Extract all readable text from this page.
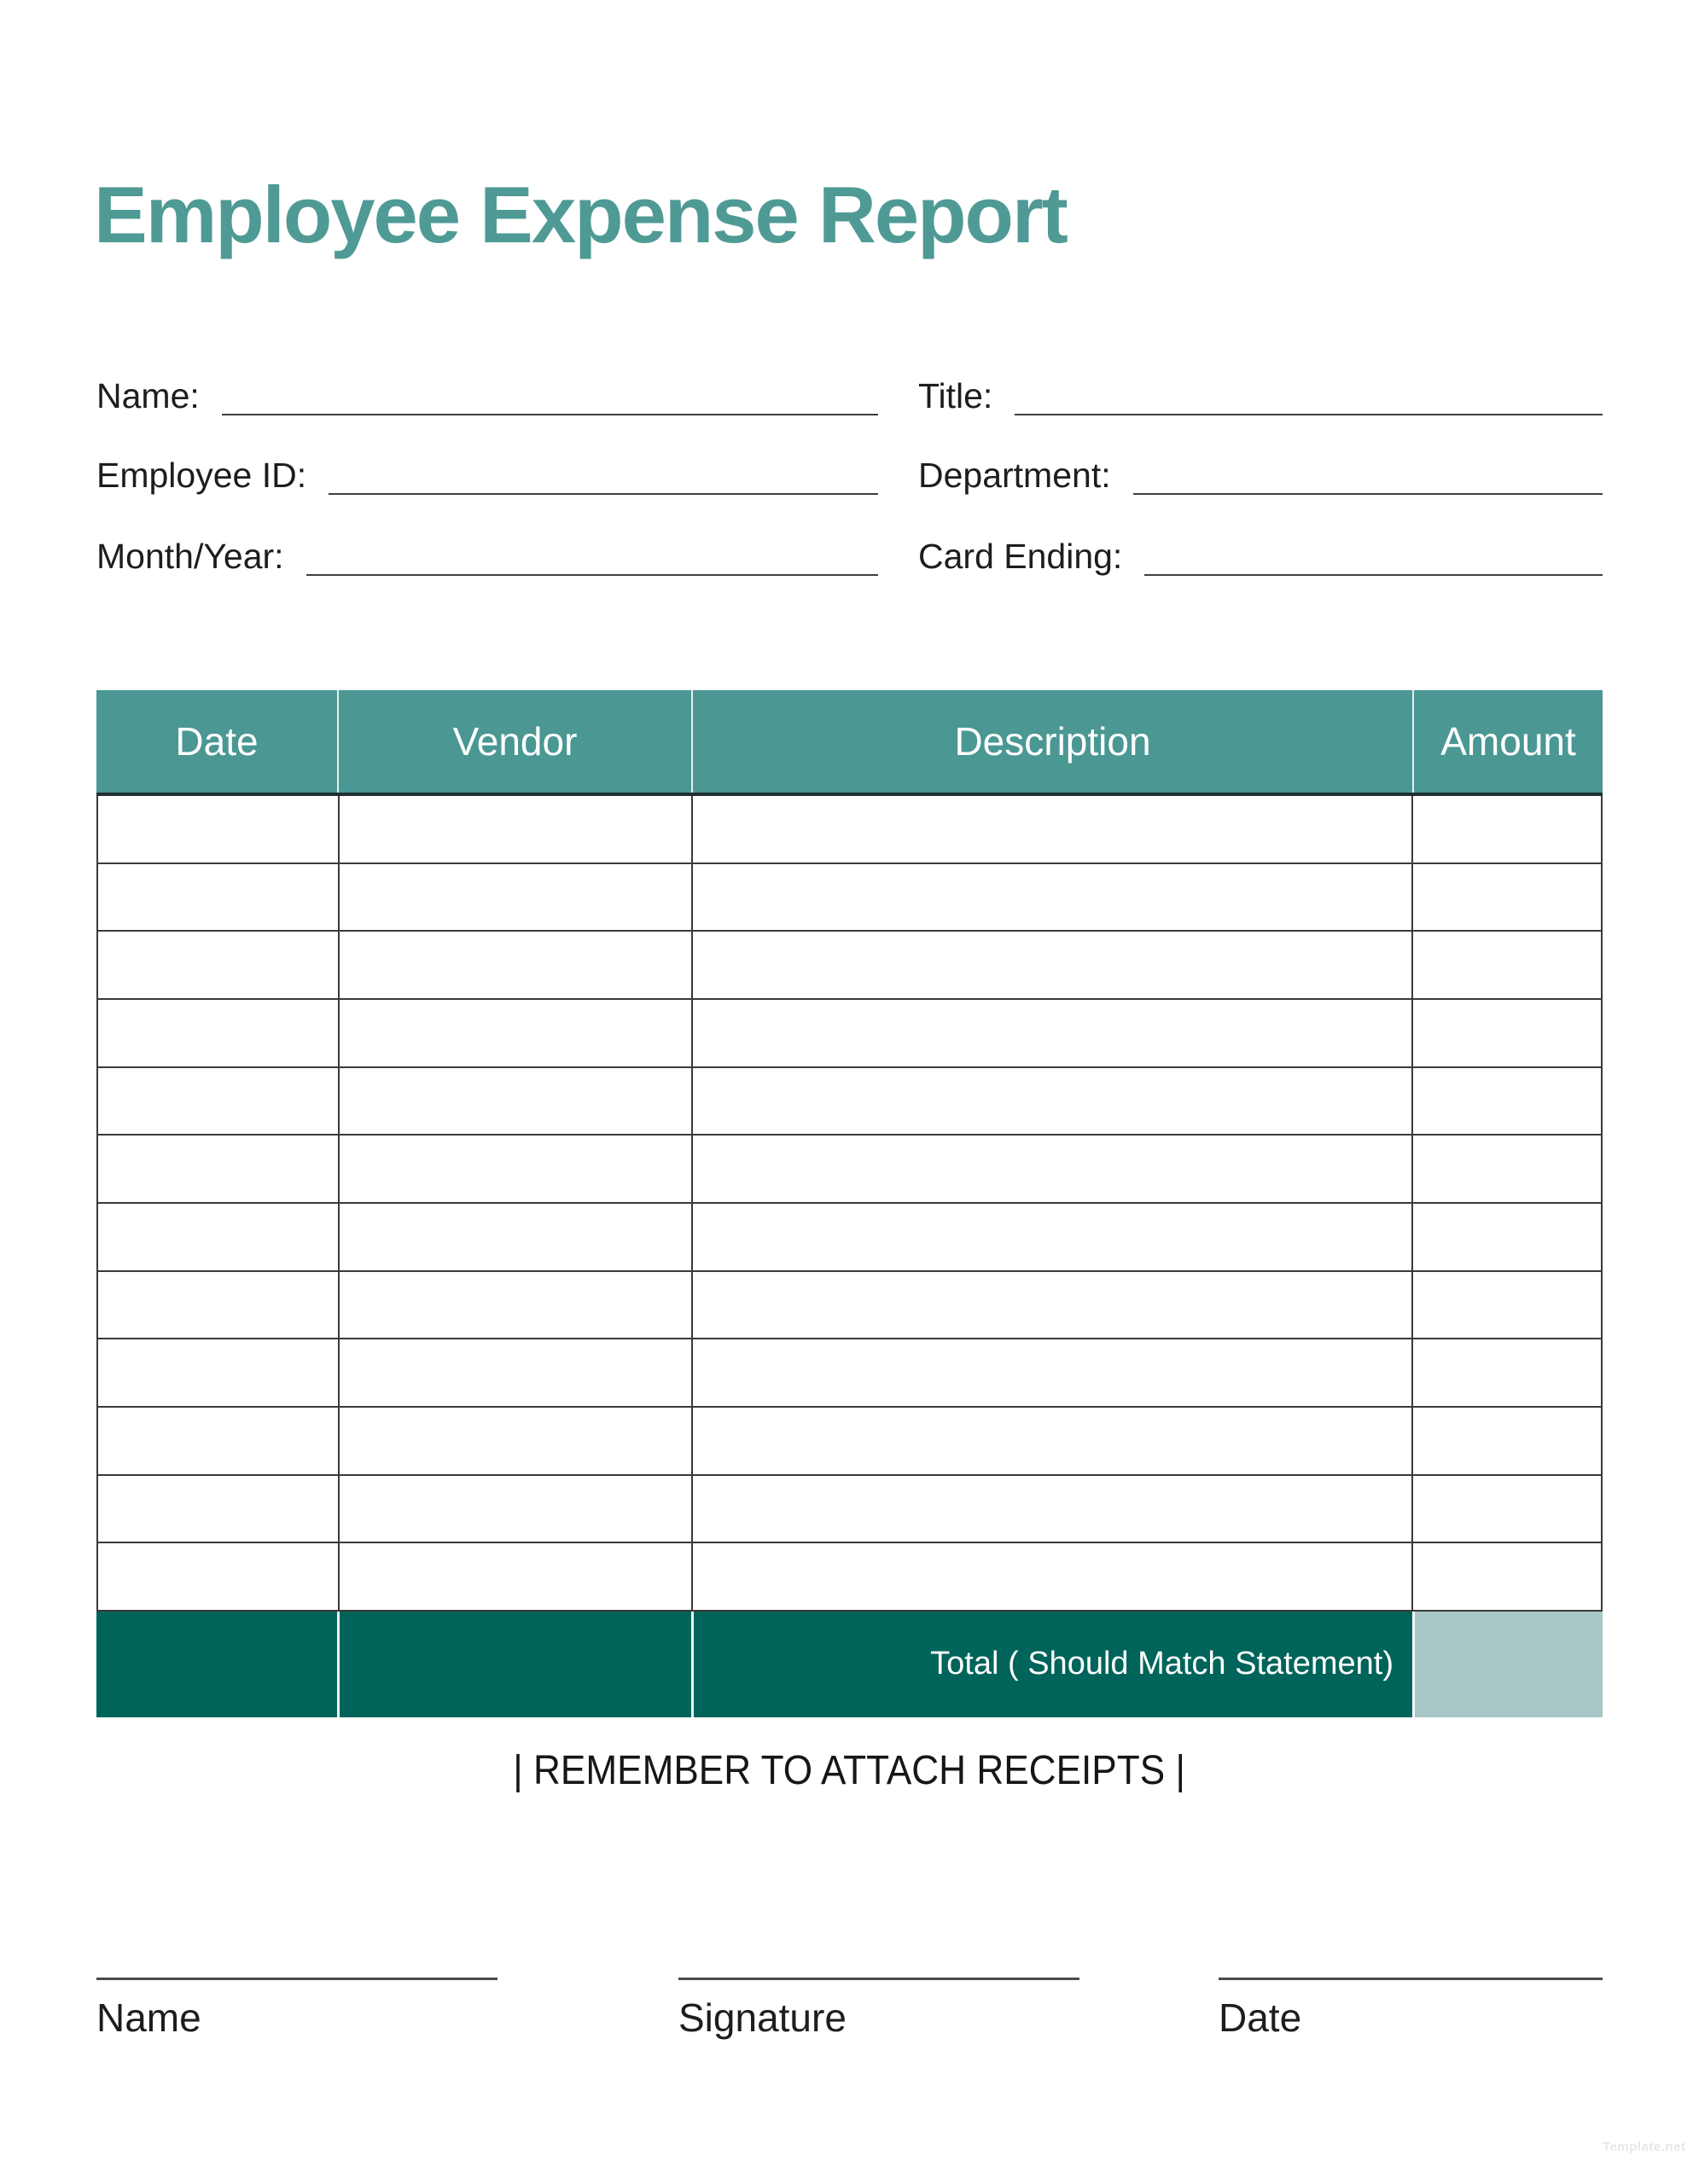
Employee Expense Report
Name:	Title:
Employee ID:	Department:
Month/Year:	Card Ending:
Date	Vendor	Description	Amount
Total ( Should Match Statement)
| REMEMBER TO ATTACH RECEIPTS |
Name	Signature	Date
Template.net
